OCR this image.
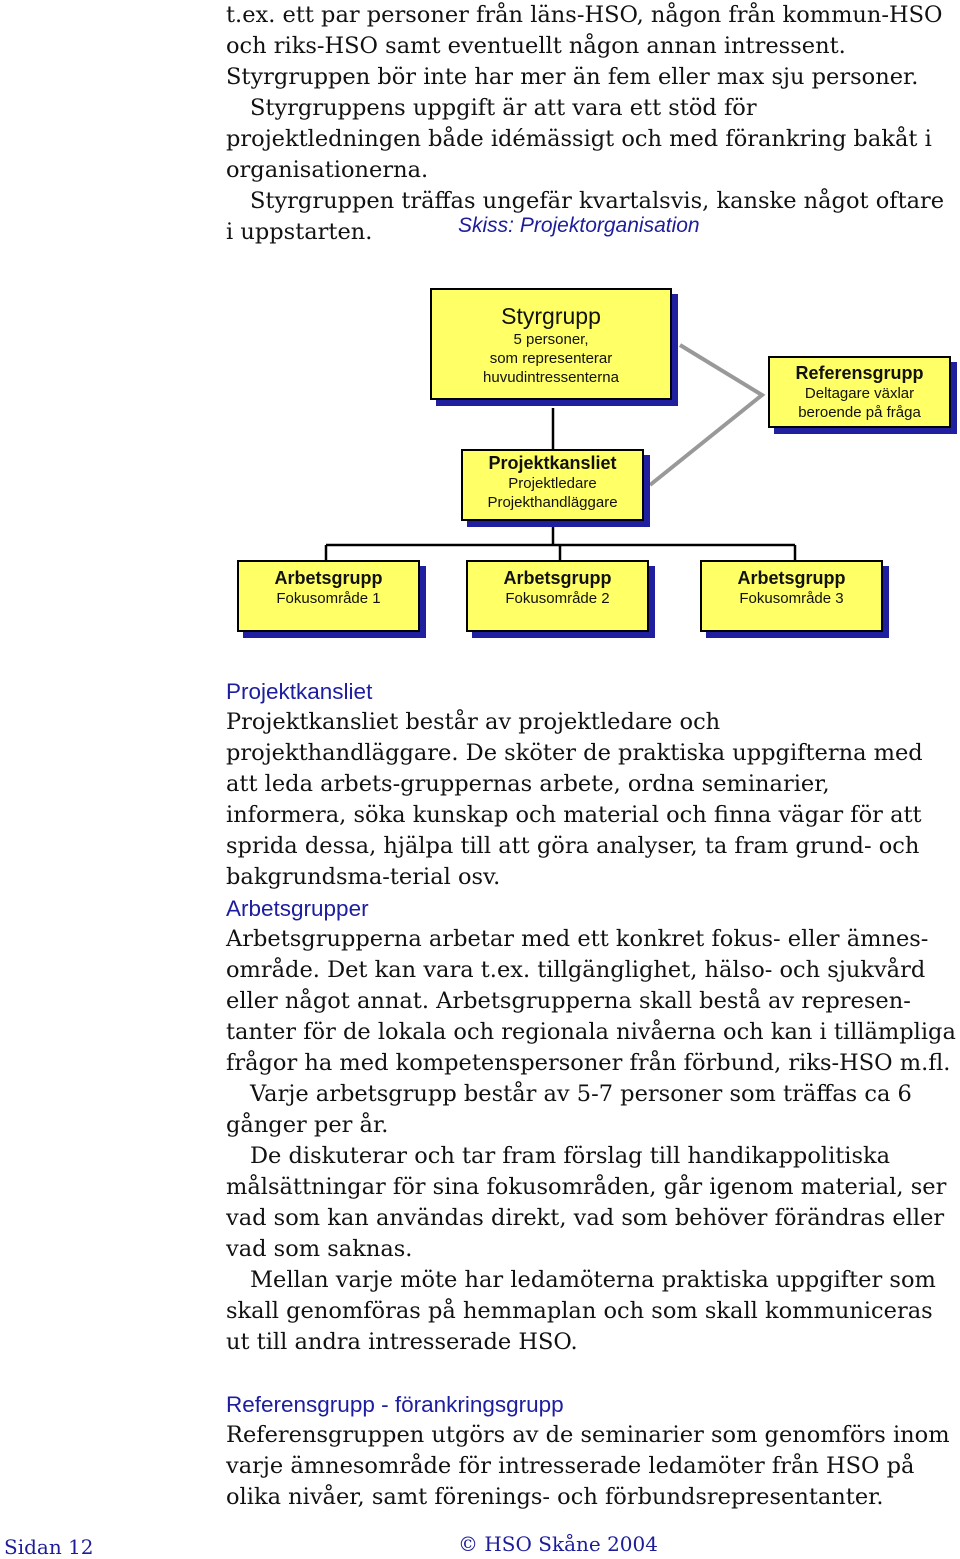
t.ex. ett par personer från läns-HSO, någon från kommun-HSO och riks-HSO samt eventuellt någon annan intressent. Styrgruppen bör inte har mer än fem eller max sju personer.

Styrgruppens uppgift är att vara ett stöd för projektledningen både idémässigt och med förankring bakåt i organisationerna.

Styrgruppen träffas ungefär kvartalsvis, kanske något oftare i uppstarten.	Skiss: Projektorganisation
Styrgrupp
5 personer,
som representerar
huvudintressenterna	Referensgrupp
Deltagare växlar
beroende på fråga
Projektkansliet
Projektledare
Projekthandläggare
Arbetsgrupp
Fokusområde 1
Arbetsgrupp
Fokusområde 2
Arbetsgrupp
Fokusområde 3
Projektkansliet

Projektkansliet består av projektledare och projekthandläggare. De sköter de praktiska uppgifterna med att leda arbets-gruppernas arbete, ordna seminarier, informera, söka kunskap och material och finna vägar för att sprida dessa, hjälpa till att göra analyser, ta fram grund- och bakgrundsma-terial osv.

Arbetsgrupper

Arbetsgrupperna arbetar med ett konkret fokus- eller ämnes-område. Det kan vara t.ex. tillgänglighet, hälso- och sjukvård eller något annat. Arbetsgrupperna skall bestå av represen-tanter för de lokala och regionala nivåerna och kan i tillämpliga frågor ha med kompetenspersoner från förbund, riks-HSO m.fl.

Varje arbetsgrupp består av 5-7 personer som träffas ca 6 gånger per år.

De diskuterar och tar fram förslag till handikappolitiska målsättningar för sina fokusområden, går igenom material, ser vad som kan användas direkt, vad som behöver förändras eller vad som saknas.

Mellan varje möte har ledamöterna praktiska uppgifter som skall genomföras på hemmaplan och som skall kommuniceras ut till andra intresserade HSO.

Referensgrupp - förankringsgrupp

Referensgruppen utgörs av de seminarier som genomförs inom varje ämnesområde för intresserade ledamöter från HSO på olika nivåer, samt förenings- och förbundsrepresentanter.

Sidan 12	© HSO Skåne 2004
